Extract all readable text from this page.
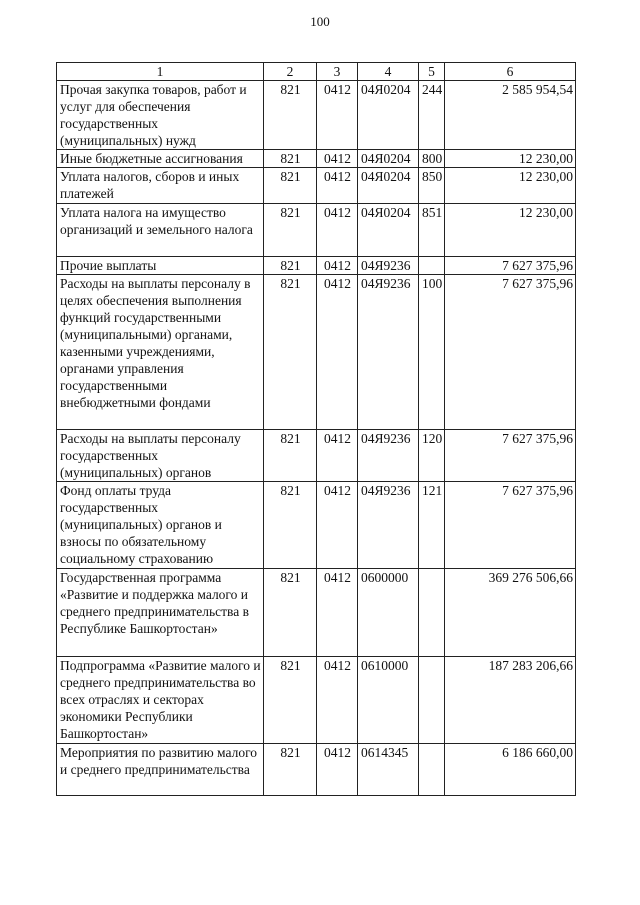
100
1	2	3	4	5	6
Прочая закупка товаров, работ и услуг для обеспечения государственных (муниципальных) нужд	821	0412	04Я0204	244	2 585 954,54
Иные бюджетные ассигнования	821	0412	04Я0204	800	12 230,00
Уплата налогов, сборов и иных платежей	821	0412	04Я0204	850	12 230,00
Уплата налога на имущество организаций и земельного налога	821	0412	04Я0204	851	12 230,00
Прочие выплаты	821	0412	04Я9236		7 627 375,96
Расходы на выплаты персоналу в целях обеспечения выполнения функций государственными (муниципальными) органами, казенными учреждениями, органами управления государственными внебюджетными фондами	821	0412	04Я9236	100	7 627 375,96
Расходы на выплаты персоналу государственных (муниципальных) органов	821	0412	04Я9236	120	7 627 375,96
Фонд оплаты труда государственных (муниципальных) органов и взносы по обязательному социальному страхованию	821	0412	04Я9236	121	7 627 375,96
Государственная программа «Развитие и поддержка малого и среднего предпринимательства в Республике Башкортостан»	821	0412	0600000		369 276 506,66
Подпрограмма «Развитие малого и среднего предпринимательства во всех отраслях и секторах экономики Республики Башкортостан»	821	0412	0610000		187 283 206,66
Мероприятия по развитию малого и среднего предпринимательства	821	0412	0614345		6 186 660,00
